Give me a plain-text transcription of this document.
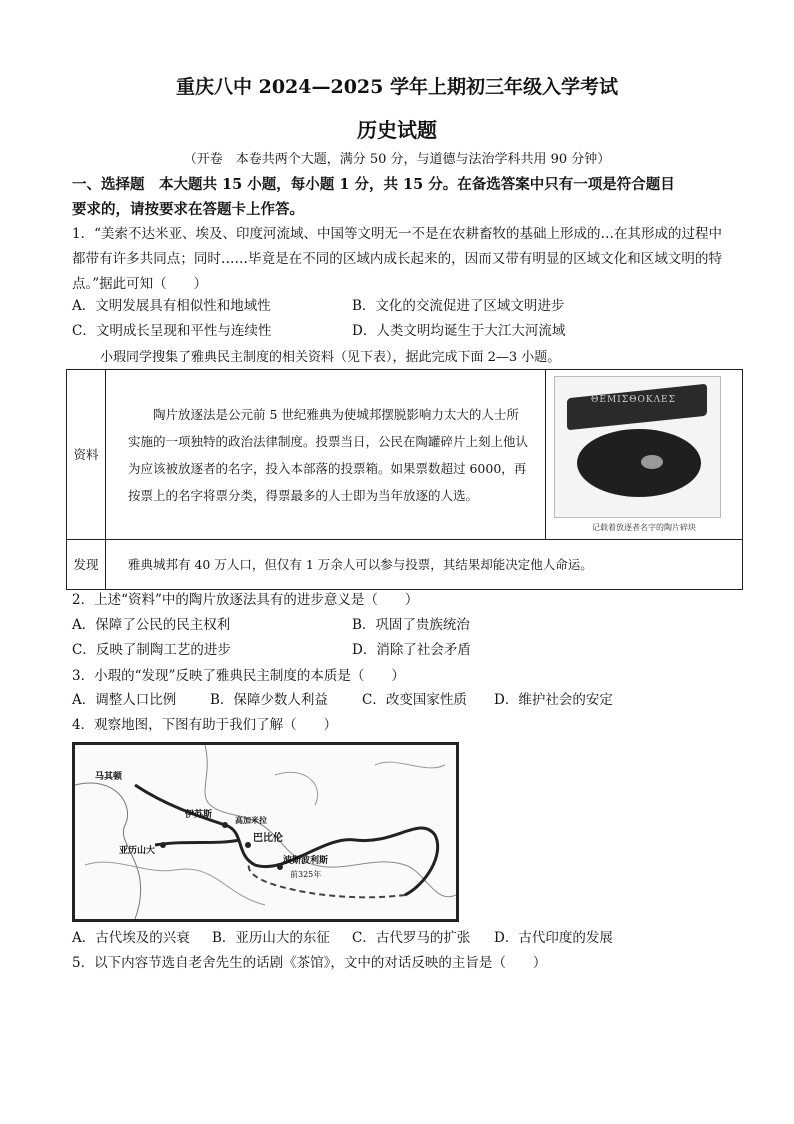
重庆八中 2024—2025 学年上期初三年级入学考试
历史试题
（开卷　本卷共两个大题，满分 50 分，与道德与法治学科共用 90 分钟）
一、选择题　本大题共 15 小题，每小题 1 分，共 15 分。在备选答案中只有一项是符合题目
要求的，请按要求在答题卡上作答。
1．“美索不达米亚、埃及、印度河流域、中国等文明无一不是在农耕畜牧的基础上形成的…在其形成的过程中都带有许多共同点；同时……毕竟是在不同的区域内成长起来的，因而又带有明显的区域文化和区域文明的特点。”据此可知（　　）
A．文明发展具有相似性和地域性	B．文化的交流促进了区域文明进步
C．文明成长呈现和平性与连续性	D．人类文明均诞生于大江大河流域
小瑕同学搜集了雅典民主制度的相关资料（见下表），据此完成下面 2—3 小题。
资料	陶片放逐法是公元前 5 世纪雅典为使城邦摆脱影响力太大的人士所实施的一项独特的政治法律制度。投票当日，公民在陶罐碎片上刻上他认为应该被放逐者的名字，投入本部落的投票箱。如果票数超过 6000，再按票上的名字将票分类，得票最多的人士即为当年放逐的人选。	ΘΕΜΙΣΘΟΚΛΕΣ
记载着放逐者名字的陶片碎块

发现	雅典城邦有 40 万人口，但仅有 1 万余人可以参与投票，其结果却能决定他人命运。	
2．上述“资料”中的陶片放逐法具有的进步意义是（　　）
A．保障了公民的民主权利	B．巩固了贵族统治
C．反映了制陶工艺的进步	D．消除了社会矛盾
3．小瑕的“发现”反映了雅典民主制度的本质是（　　）
A．调整人口比例	B．保障少数人利益	C．改变国家性质 D．维护社会的安定
4．观察地图，下图有助于我们了解（　　）
马其顿
伊苏斯	高加米拉
巴比伦
亚历山大
波斯波利斯
前325年
A．古代埃及的兴衰 B．亚历山大的东征 C．古代罗马的扩张 D．古代印度的发展
5．以下内容节选自老舍先生的话剧《茶馆》，文中的对话反映的主旨是（　　）
